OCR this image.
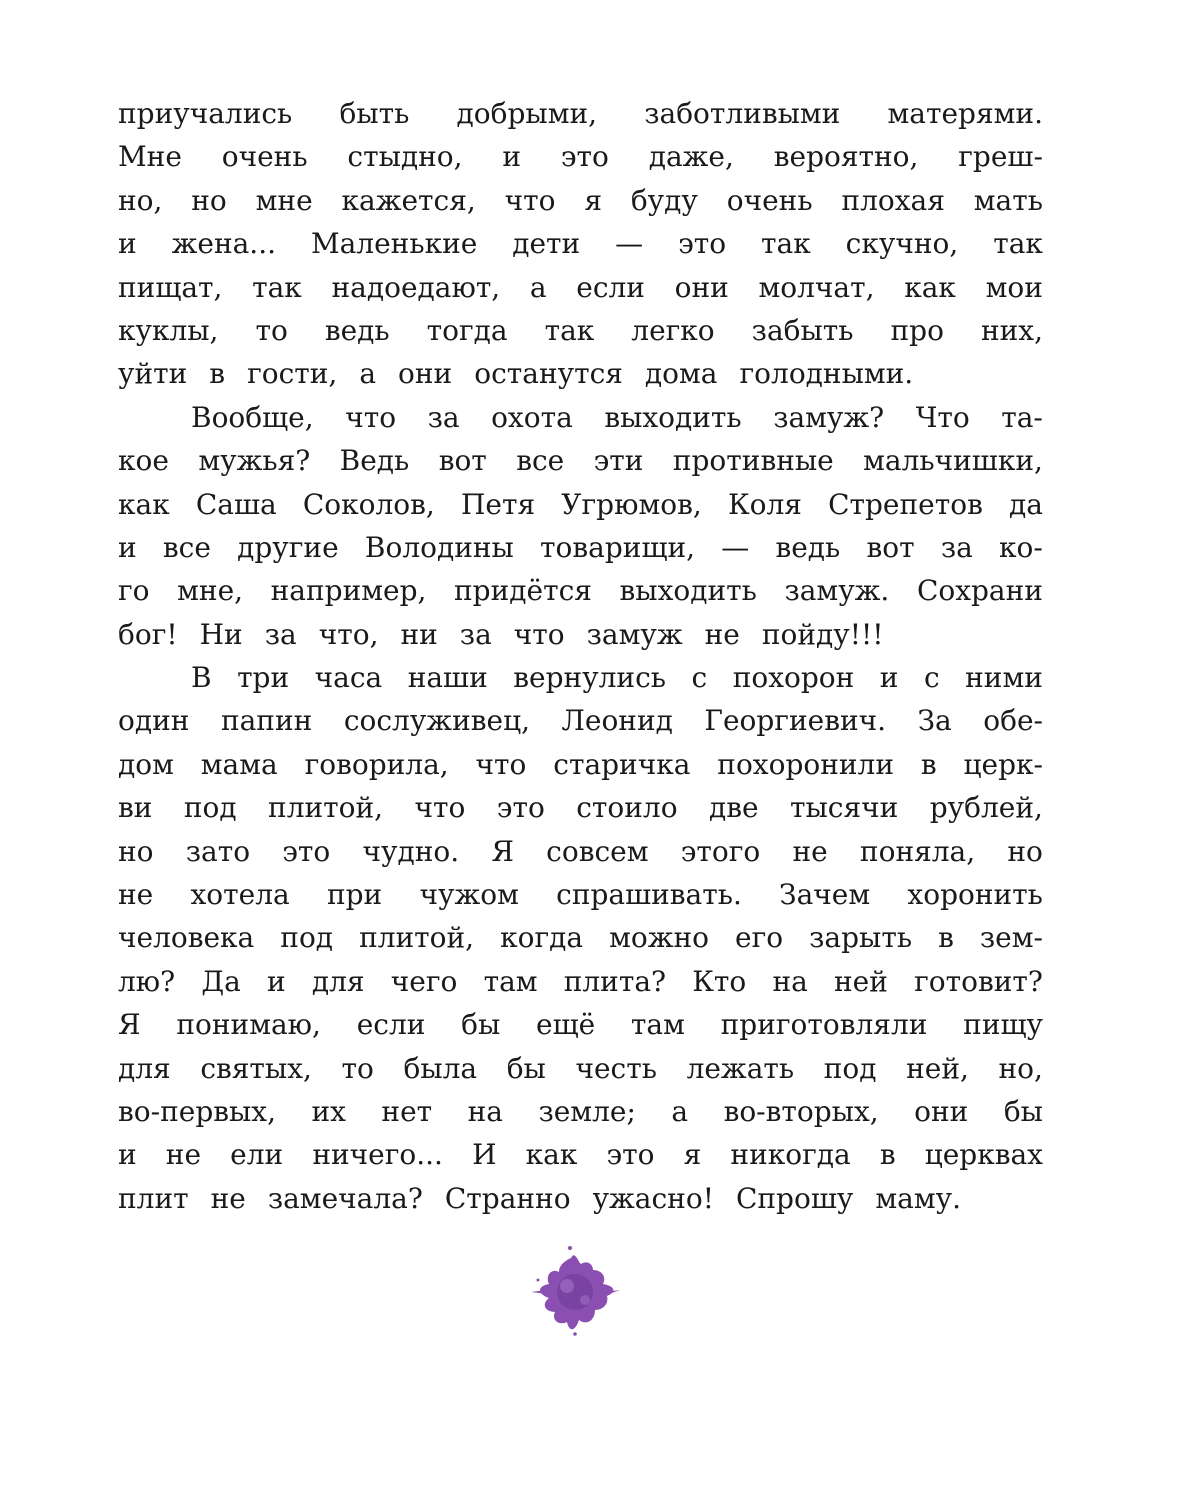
приучались быть добрыми, заботливыми матерями.
Мне очень стыдно, и это даже, вероятно, греш-
но, но мне кажется, что я буду очень плохая мать
и жена... Маленькие дети — это так скучно, так
пищат, так надоедают, а если они молчат, как мои
куклы, то ведь тогда так легко забыть про них,
уйти в гости, а они останутся дома голодными.
Вообще, что за охота выходить замуж? Что та-
кое мужья? Ведь вот все эти противные мальчишки,
как Саша Соколов, Петя Угрюмов, Коля Стрепетов да
и все другие Володины товарищи, — ведь вот за ко-
го мне, например, придётся выходить замуж. Сохрани
бог! Ни за что, ни за что замуж не пойду!!!
В три часа наши вернулись с похорон и с ними
один папин сослуживец, Леонид Георгиевич. За обе-
дом мама говорила, что старичка похоронили в церк-
ви под плитой, что это стоило две тысячи рублей,
но зато это чудно. Я совсем этого не поняла, но
не хотела при чужом спрашивать. Зачем хоронить
человека под плитой, когда можно его зарыть в зем-
лю? Да и для чего там плита? Кто на ней готовит?
Я понимаю, если бы ещё там приготовляли пищу
для святых, то была бы честь лежать под ней, но,
во-первых, их нет на земле; а во-вторых, они бы
и не ели ничего... И как это я никогда в церквах
плит не замечала? Странно ужасно! Спрошу маму.
